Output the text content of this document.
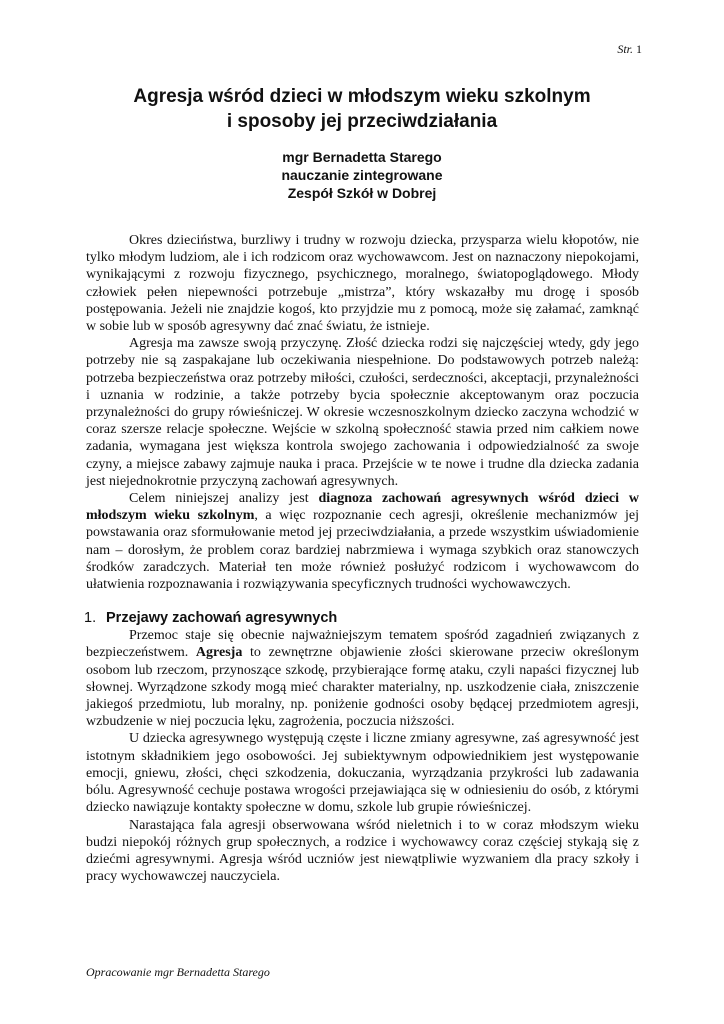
Str. 1
Agresja wśród dzieci w młodszym wieku szkolnym
i sposoby jej przeciwdziałania
mgr Bernadetta Starego
nauczanie zintegrowane
Zespół Szkół w Dobrej

Okres dzieciństwa, burzliwy i trudny w rozwoju dziecka, przysparza wielu kłopotów, nie tylko młodym ludziom, ale i ich rodzicom oraz wychowawcom. Jest on naznaczony niepokojami, wynikającymi z rozwoju fizycznego, psychicznego, moralnego, światopoglądowego. Młody człowiek pełen niepewności potrzebuje „mistrza”, który wskazałby mu drogę i sposób postępowania. Jeżeli nie znajdzie kogoś, kto przyjdzie mu z pomocą, może się załamać, zamknąć w sobie lub w sposób agresywny dać znać światu, że istnieje.

Agresja ma zawsze swoją przyczynę. Złość dziecka rodzi się najczęściej wtedy, gdy jego potrzeby nie są zaspakajane lub oczekiwania niespełnione. Do podstawowych potrzeb należą: potrzeba bezpieczeństwa oraz potrzeby miłości, czułości, serdeczności, akceptacji, przynależności i uznania w rodzinie, a także potrzeby bycia społecznie akceptowanym oraz poczucia przynależności do grupy rówieśniczej. W okresie wczesnoszkolnym dziecko zaczyna wchodzić w coraz szersze relacje społeczne. Wejście w szkolną społeczność stawia przed nim całkiem nowe zadania, wymagana jest większa kontrola swojego zachowania i odpowiedzialność za swoje czyny, a miejsce zabawy zajmuje nauka i praca. Przejście w te nowe i trudne dla dziecka zadania jest niejednokrotnie przyczyną zachowań agresywnych.

Celem niniejszej analizy jest diagnoza zachowań agresywnych wśród dzieci w młodszym wieku szkolnym, a więc rozpoznanie cech agresji, określenie mechanizmów jej powstawania oraz sformułowanie metod jej przeciwdziałania, a przede wszystkim uświadomienie nam – dorosłym, że problem coraz bardziej nabrzmiewa i wymaga szybkich oraz stanowczych środków zaradczych. Materiał ten może również posłużyć rodzicom i wychowawcom do ułatwienia rozpoznawania i rozwiązywania specyficznych trudności wychowawczych.

1. Przejawy zachowań agresywnych

Przemoc staje się obecnie najważniejszym tematem spośród zagadnień związanych z bezpieczeństwem. Agresja to zewnętrzne objawienie złości skierowane przeciw określonym osobom lub rzeczom, przynoszące szkodę, przybierające formę ataku, czyli napaści fizycznej lub słownej. Wyrządzone szkody mogą mieć charakter materialny, np. uszkodzenie ciała, zniszczenie jakiegoś przedmiotu, lub moralny, np. poniżenie godności osoby będącej przedmiotem agresji, wzbudzenie w niej poczucia lęku, zagrożenia, poczucia niższości.

U dziecka agresywnego występują częste i liczne zmiany agresywne, zaś agresywność jest istotnym składnikiem jego osobowości. Jej subiektywnym odpowiednikiem jest występowanie emocji, gniewu, złości, chęci szkodzenia, dokuczania, wyrządzania przykrości lub zadawania bólu. Agresywność cechuje postawa wrogości przejawiająca się w odniesieniu do osób, z którymi dziecko nawiązuje kontakty społeczne w domu, szkole lub grupie rówieśniczej.

Narastająca fala agresji obserwowana wśród nieletnich i to w coraz młodszym wieku budzi niepokój różnych grup społecznych, a rodzice i wychowawcy coraz częściej stykają się z dziećmi agresywnymi. Agresja wśród uczniów jest niewątpliwie wyzwaniem dla pracy szkoły i pracy wychowawczej nauczyciela.

Opracowanie mgr Bernadetta Starego
